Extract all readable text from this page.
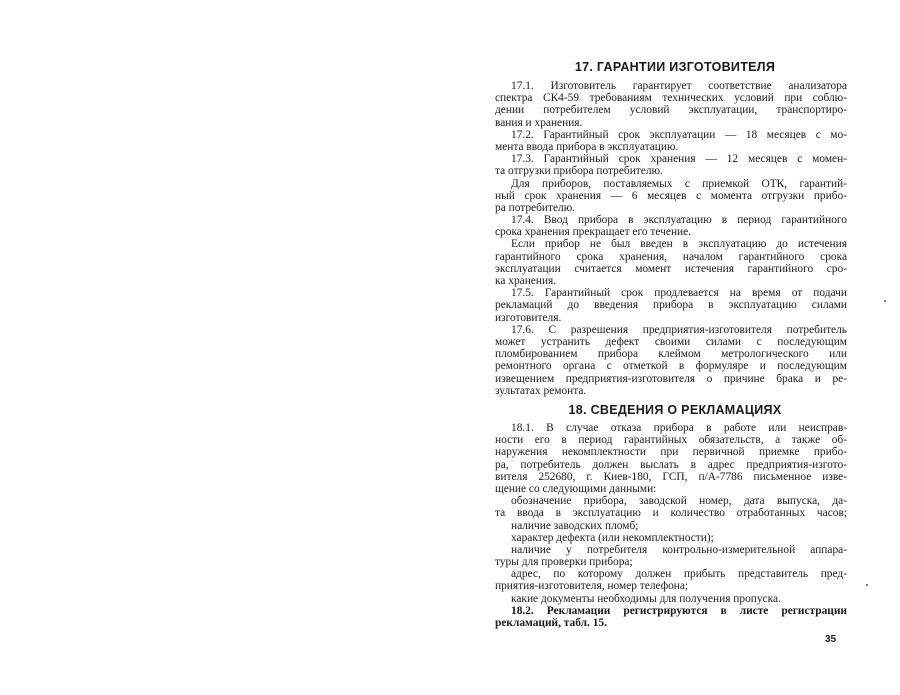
17. ГАРАНТИИ ИЗГОТОВИТЕЛЯ
17.1. Изготовитель гарантирует соответствие анализатора
спектра СК4-59 требованиям технических условий при соблю-
дении потребителем условий эксплуатации, транспортиро-
вания и хранения.
17.2. Гарантийный срок эксплуатации — 18 месяцев с мо-
мента ввода прибора в эксплуатацию.
17.3. Гарантийный срок хранения — 12 месяцев с момен-
та отгрузки прибора потребителю.
Для приборов, поставляемых с приемкой ОТК, гарантий-
ный срок хранения — 6 месяцев с момента отгрузки прибо-
ра потребителю.
17.4. Ввод прибора в эксплуатацию в период гарантийного
срока хранения прекращает его течение.
Если прибор не был введен в эксплуатацию до истечения
гарантийного срока хранения, началом гарантийного срока
эксплуатации считается момент истечения гарантийного сро-
ка хранения.
17.5. Гарантийный срок продлевается на время от подачи
рекламаций до введения прибора в эксплуатацию силами
изготовителя.
17.6. С разрешения предприятия-изготовителя потребитель
может устранить дефект своими силами с последующим
пломбированием прибора клеймом метрологического или
ремонтного органа с отметкой в формуляре и последующим
извещением предприятия-изготовителя о причине брака и ре-
зультатах ремонта.
18. СВЕДЕНИЯ О РЕКЛАМАЦИЯХ
18.1. В случае отказа прибора в работе или неисправ-
ности его в период гарантийных обязательств, а также об-
наружения некомплектности при первичной приемке прибо-
ра, потребитель должен выслать в адрес предприятия-изгото-
вителя 252680, г. Киев-180, ГСП, п/А-7786 письменное изве-
щение со следующими данными:
обозначение прибора, заводской номер, дата выпуска, да-
та ввода в эксплуатацию и количество отработанных часов;
наличие заводских пломб;
характер дефекта (или некомплектности);
наличие у потребителя контрольно-измерительной аппара-
туры для проверки прибора;
адрес, по которому должен прибыть представитель пред-
приятия-изготовителя, номер телефона;
какие документы необходимы для получения пропуска.
18.2. Рекламации регистрируются в листе регистрации
рекламаций, табл. 15.
35
